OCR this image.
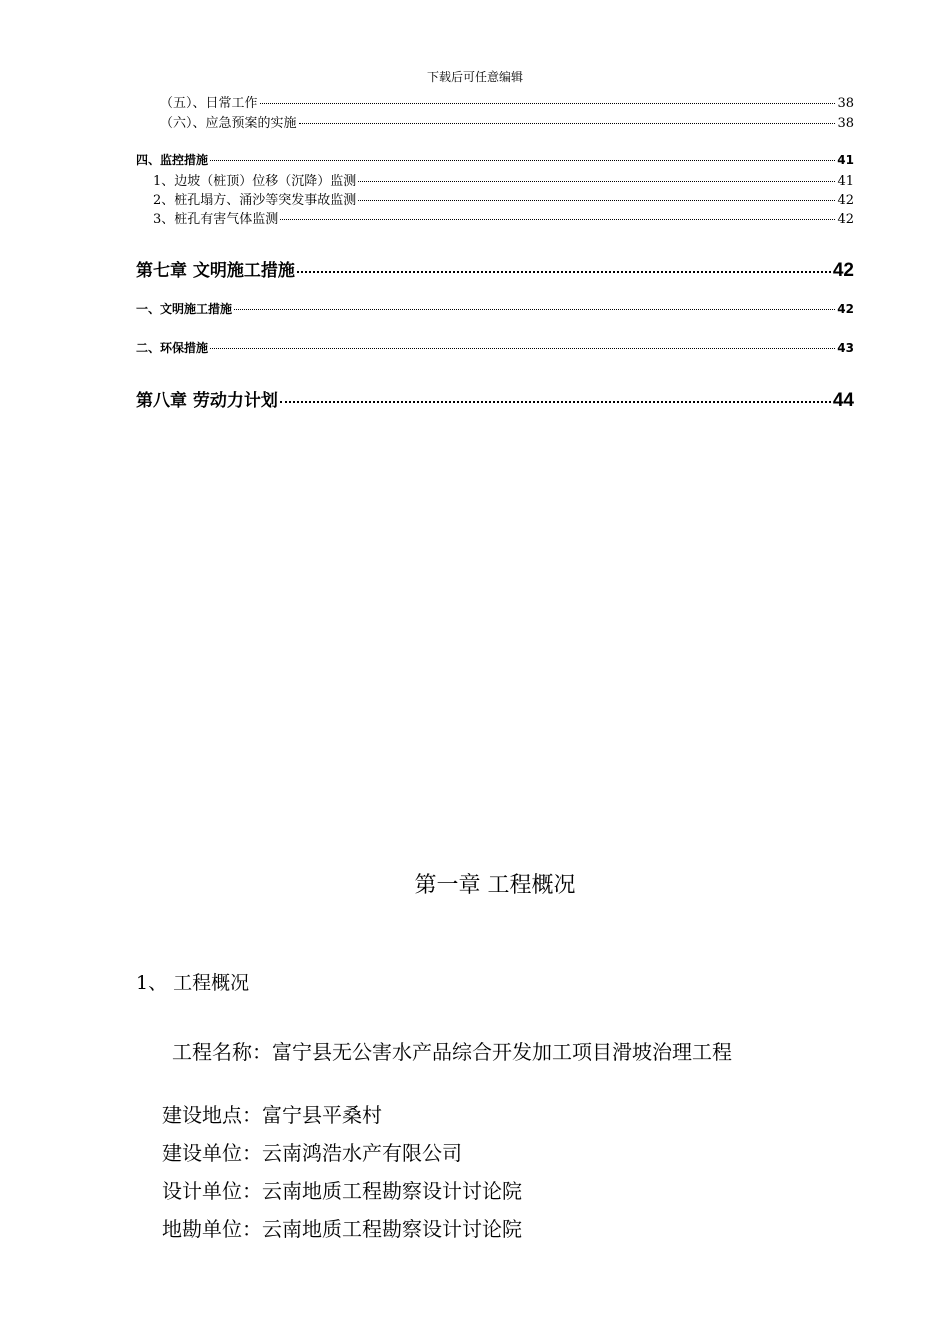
下载后可任意编辑
（五）、日常工作	38
（六）、应急预案的实施	38
四、监控措施	41
1、边坡（桩顶）位移（沉降）监测	41
2、桩孔塌方、涌沙等突发事故监测	42
3、桩孔有害气体监测	42
第七章 文明施工措施	42
一、文明施工措施	42
二、环保措施	43
第八章 劳动力计划	44
第一章 工程概况
1、 工程概况
工程名称：富宁县无公害水产品综合开发加工项目滑坡治理工程
建设地点：富宁县平桑村
建设单位：云南鸿浩水产有限公司
设计单位：云南地质工程勘察设计讨论院
地勘单位：云南地质工程勘察设计讨论院
